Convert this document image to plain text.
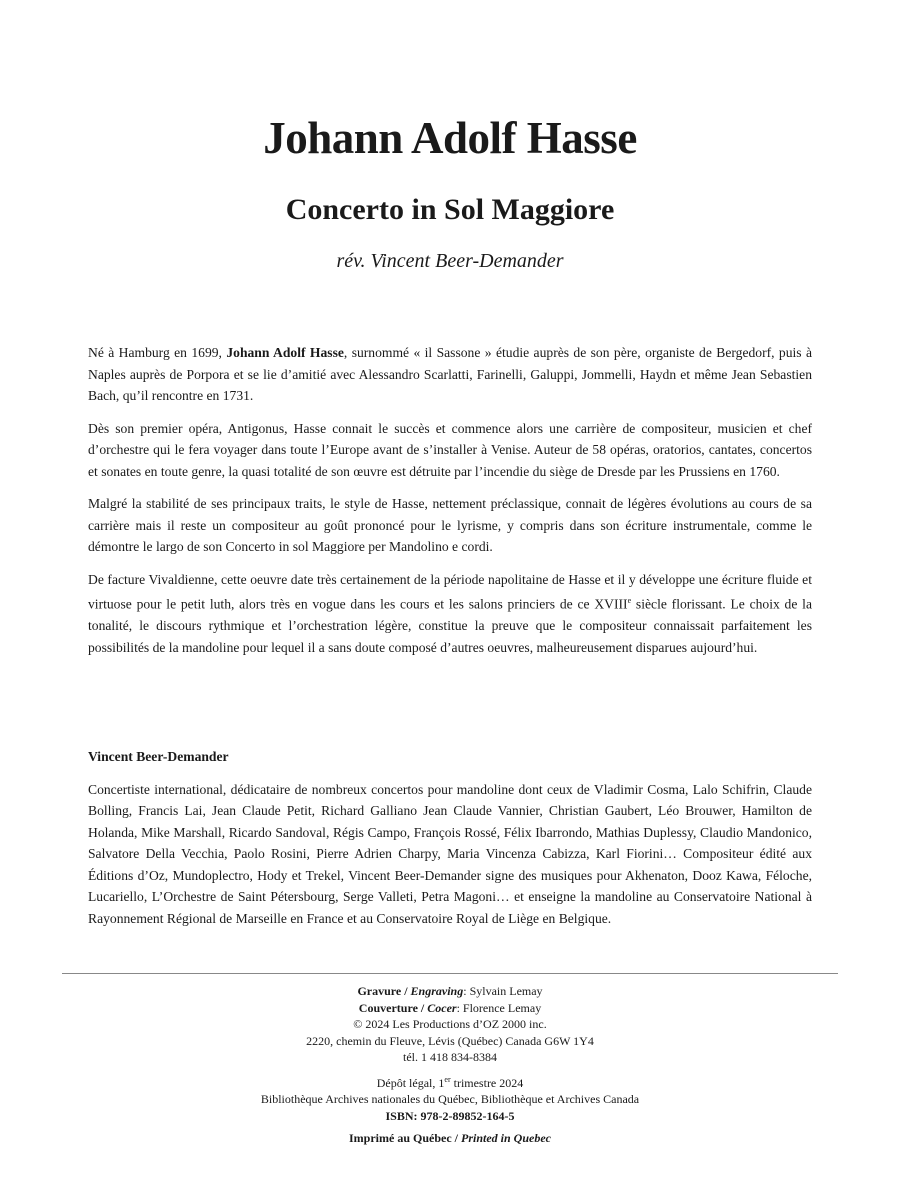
Johann Adolf Hasse
Concerto in Sol Maggiore

rév. Vincent Beer-Demander

Né à Hamburg en 1699, Johann Adolf Hasse, surnommé « il Sassone » étudie auprès de son père, organiste de Bergedorf, puis à Naples auprès de Porpora et se lie d’amitié avec Alessandro Scarlatti, Farinelli, Galuppi, Jommelli, Haydn et même Jean Sebastien Bach, qu’il rencontre en 1731.

Dès son premier opéra, Antigonus, Hasse connait le succès et commence alors une carrière de compositeur, musicien et chef d’orchestre qui le fera voyager dans toute l’Europe avant de s’installer à Venise. Auteur de 58 opéras, oratorios, cantates, concertos et sonates en toute genre, la quasi totalité de son œuvre est détruite par l’incendie du siège de Dresde par les Prussiens en 1760.

Malgré la stabilité de ses principaux traits, le style de Hasse, nettement préclassique, connait de légères évolutions au cours de sa carrière mais il reste un compositeur au goût prononcé pour le lyrisme, y compris dans son écriture instrumentale, comme le démontre le largo de son Concerto in sol Maggiore per Mandolino e cordi.

De facture Vivaldienne, cette oeuvre date très certainement de la période napolitaine de Hasse et il y développe une écriture fluide et virtuose pour le petit luth, alors très en vogue dans les cours et les salons princiers de ce XVIIIe siècle florissant. Le choix de la tonalité, le discours rythmique et l’orchestration légère, constitue la preuve que le compositeur connaissait parfaitement les possibilités de la mandoline pour lequel il a sans doute composé d’autres oeuvres, malheureusement disparues aujourd’hui.

Vincent Beer-Demander

Concertiste international, dédicataire de nombreux concertos pour mandoline dont ceux de Vladimir Cosma, Lalo Schifrin, Claude Bolling, Francis Lai, Jean Claude Petit, Richard Galliano Jean Claude Vannier, Christian Gaubert, Léo Brouwer, Hamilton de Holanda, Mike Marshall, Ricardo Sandoval, Régis Campo, François Rossé, Félix Ibarrondo, Mathias Duplessy, Claudio Mandonico, Salvatore Della Vecchia, Paolo Rosini, Pierre Adrien Charpy, Maria Vincenza Cabizza, Karl Fiorini… Compositeur édité aux Éditions d’Oz, Mundoplectro, Hody et Trekel, Vincent Beer-Demander signe des musiques pour Akhenaton, Dooz Kawa, Féloche, Lucariello, L’Orchestre de Saint Pétersbourg, Serge Valleti, Petra Magoni… et enseigne la mandoline au Conservatoire National à Rayonnement Régional de Marseille en France et au Conservatoire Royal de Liège en Belgique.

Gravure / Engraving: Sylvain Lemay
Couverture / Cocer: Florence Lemay
© 2024 Les Productions d’OZ 2000 inc.
2220, chemin du Fleuve, Lévis (Québec) Canada G6W 1Y4
tél. 1 418 834-8384
Dépôt légal, 1er trimestre 2024
Bibliothèque Archives nationales du Québec, Bibliothèque et Archives Canada
ISBN: 978-2-89852-164-5
Imprimé au Québec / Printed in Quebec
